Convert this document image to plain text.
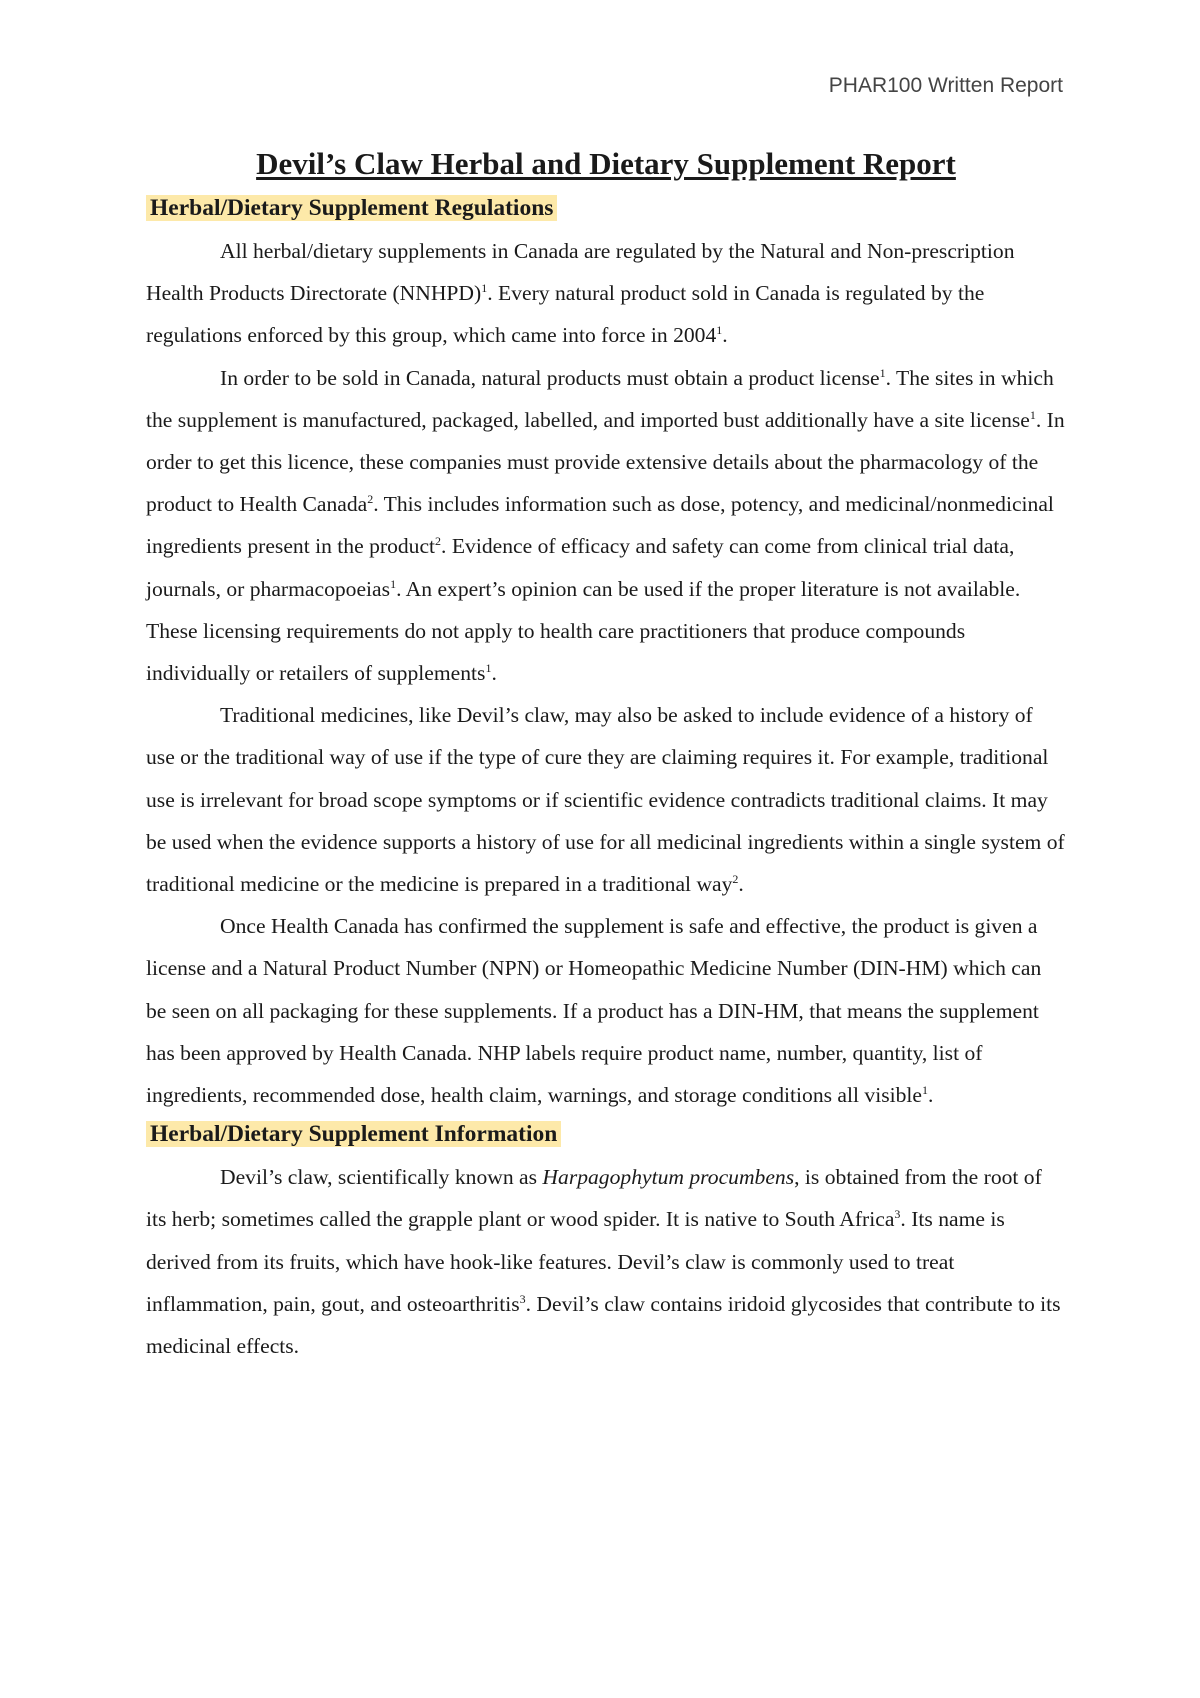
PHAR100 Written Report
Devil’s Claw Herbal and Dietary Supplement Report
Herbal/Dietary Supplement Regulations

All herbal/dietary supplements in Canada are regulated by the Natural and Non-prescription Health Products Directorate (NNHPD)$^1$. Every natural product sold in Canada is regulated by the regulations enforced by this group, which came into force in 2004$^1$.

In order to be sold in Canada, natural products must obtain a product license$^1$. The sites in which the supplement is manufactured, packaged, labelled, and imported bust additionally have a site license$^1$. In order to get this licence, these companies must provide extensive details about the pharmacology of the product to Health Canada$^2$. This includes information such as dose, potency, and medicinal/nonmedicinal ingredients present in the product$^2$. Evidence of efficacy and safety can come from clinical trial data, journals, or pharmacopoeias$^1$. An expert’s opinion can be used if the proper literature is not available. These licensing requirements do not apply to health care practitioners that produce compounds individually or retailers of supplements$^1$.

Traditional medicines, like Devil’s claw, may also be asked to include evidence of a history of use or the traditional way of use if the type of cure they are claiming requires it. For example, traditional use is irrelevant for broad scope symptoms or if scientific evidence contradicts traditional claims. It may be used when the evidence supports a history of use for all medicinal ingredients within a single system of traditional medicine or the medicine is prepared in a traditional way$^2$.

Once Health Canada has confirmed the supplement is safe and effective, the product is given a license and a Natural Product Number (NPN) or Homeopathic Medicine Number (DIN-HM) which can be seen on all packaging for these supplements. If a product has a DIN-HM, that means the supplement has been approved by Health Canada. NHP labels require product name, number, quantity, list of ingredients, recommended dose, health claim, warnings, and storage conditions all visible$^1$.

Herbal/Dietary Supplement Information

Devil’s claw, scientifically known as Harpagophytum procumbens, is obtained from the root of its herb; sometimes called the grapple plant or wood spider. It is native to South Africa$^3$. Its name is derived from its fruits, which have hook-like features. Devil’s claw is commonly used to treat inflammation, pain, gout, and osteoarthritis$^3$. Devil’s claw contains iridoid glycosides that contribute to its medicinal effects.
